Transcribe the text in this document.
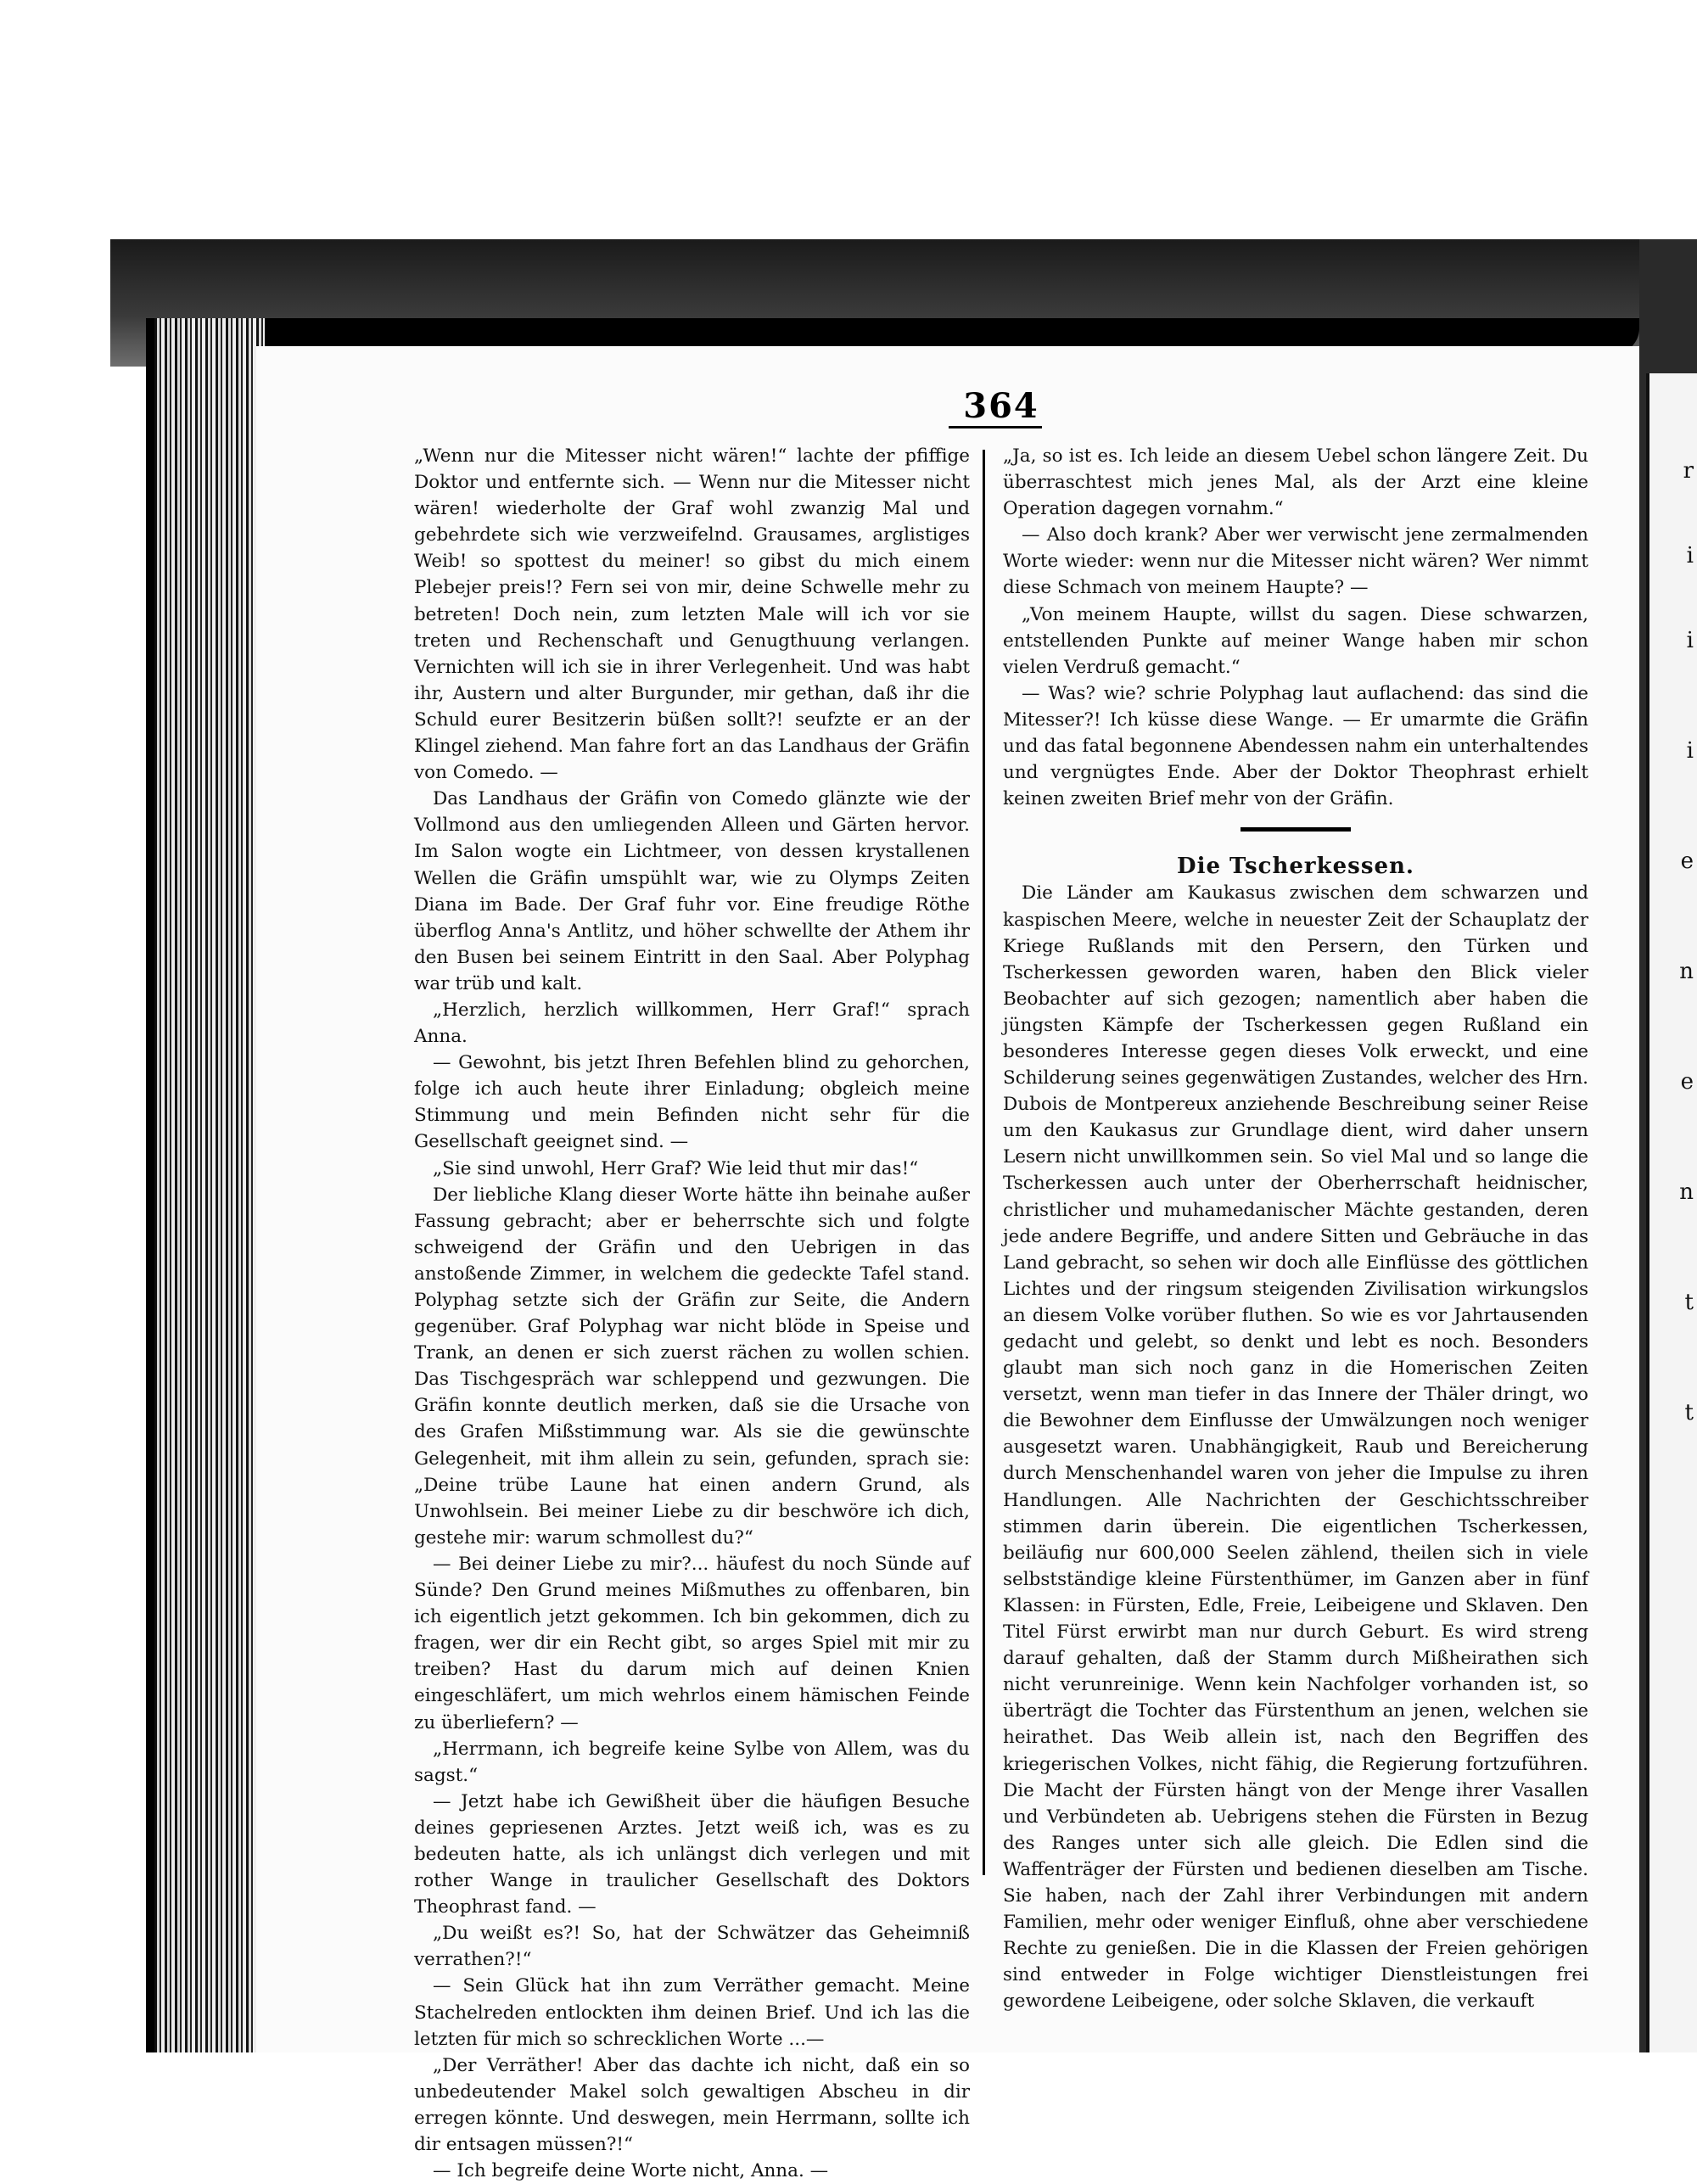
r
i
i
i
e
n
e
n
t
t
364

„Wenn nur die Mitesser nicht wären!“ lachte der pfiffige Doktor und entfernte sich. — Wenn nur die Mitesser nicht wären! wiederholte der Graf wohl zwanzig Mal und gebehrdete sich wie verzweifelnd. Grausames, arglistiges Weib! so spottest du meiner! so gibst du mich einem Plebejer preis!? Fern sei von mir, deine Schwelle mehr zu betreten! Doch nein, zum letzten Male will ich vor sie treten und Rechenschaft und Genugthuung verlangen. Vernichten will ich sie in ihrer Verlegenheit. Und was habt ihr, Austern und alter Burgunder, mir gethan, daß ihr die Schuld eurer Besitzerin büßen sollt?! seufzte er an der Klingel ziehend. Man fahre fort an das Landhaus der Gräfin von Comedo. —

Das Landhaus der Gräfin von Comedo glänzte wie der Vollmond aus den umliegenden Alleen und Gärten hervor. Im Salon wogte ein Lichtmeer, von dessen krystallenen Wellen die Gräfin umspühlt war, wie zu Olymps Zeiten Diana im Bade. Der Graf fuhr vor. Eine freudige Röthe überflog Anna's Antlitz, und höher schwellte der Athem ihr den Busen bei seinem Eintritt in den Saal. Aber Polyphag war trüb und kalt.

„Herzlich, herzlich willkommen, Herr Graf!“ sprach Anna.

— Gewohnt, bis jetzt Ihren Befehlen blind zu gehorchen, folge ich auch heute ihrer Einladung; obgleich meine Stimmung und mein Befinden nicht sehr für die Gesellschaft geeignet sind. —

„Sie sind unwohl, Herr Graf? Wie leid thut mir das!“

Der liebliche Klang dieser Worte hätte ihn beinahe außer Fassung gebracht; aber er beherrschte sich und folgte schweigend der Gräfin und den Uebrigen in das anstoßende Zimmer, in welchem die gedeckte Tafel stand. Polyphag setzte sich der Gräfin zur Seite, die Andern gegenüber. Graf Polyphag war nicht blöde in Speise und Trank, an denen er sich zuerst rächen zu wollen schien. Das Tischgespräch war schleppend und gezwungen. Die Gräfin konnte deutlich merken, daß sie die Ursache von des Grafen Mißstimmung war. Als sie die gewünschte Gelegenheit, mit ihm allein zu sein, gefunden, sprach sie: „Deine trübe Laune hat einen andern Grund, als Unwohlsein. Bei meiner Liebe zu dir beschwöre ich dich, gestehe mir: warum schmollest du?“

— Bei deiner Liebe zu mir?... häufest du noch Sünde auf Sünde? Den Grund meines Mißmuthes zu offenbaren, bin ich eigentlich jetzt gekommen. Ich bin gekommen, dich zu fragen, wer dir ein Recht gibt, so arges Spiel mit mir zu treiben? Hast du darum mich auf deinen Knien eingeschläfert, um mich wehrlos einem hämischen Feinde zu überliefern? —

„Herrmann, ich begreife keine Sylbe von Allem, was du sagst.“

— Jetzt habe ich Gewißheit über die häufigen Besuche deines gepriesenen Arztes. Jetzt weiß ich, was es zu bedeuten hatte, als ich unlängst dich verlegen und mit rother Wange in traulicher Gesellschaft des Doktors Theophrast fand. —

„Du weißt es?! So, hat der Schwätzer das Geheimniß verrathen?!“

— Sein Glück hat ihn zum Verräther gemacht. Meine Stachelreden entlockten ihm deinen Brief. Und ich las die letzten für mich so schrecklichen Worte ...—

„Der Verräther! Aber das dachte ich nicht, daß ein so unbedeutender Makel solch gewaltigen Abscheu in dir erregen könnte. Und deswegen, mein Herrmann, sollte ich dir entsagen müssen?!“

— Ich begreife deine Worte nicht, Anna. —

„Ja, so ist es. Ich leide an diesem Uebel schon längere Zeit. Du überraschtest mich jenes Mal, als der Arzt eine kleine Operation dagegen vornahm.“

— Also doch krank? Aber wer verwischt jene zermalmenden Worte wieder: wenn nur die Mitesser nicht wären? Wer nimmt diese Schmach von meinem Haupte? —

„Von meinem Haupte, willst du sagen. Diese schwarzen, entstellenden Punkte auf meiner Wange haben mir schon vielen Verdruß gemacht.“

— Was? wie? schrie Polyphag laut auflachend: das sind die Mitesser?! Ich küsse diese Wange. — Er umarmte die Gräfin und das fatal begonnene Abendessen nahm ein unterhaltendes und vergnügtes Ende. Aber der Doktor Theophrast erhielt keinen zweiten Brief mehr von der Gräfin.

Die Tscherkessen.

Die Länder am Kaukasus zwischen dem schwarzen und kaspischen Meere, welche in neuester Zeit der Schauplatz der Kriege Rußlands mit den Persern, den Türken und Tscherkessen geworden waren, haben den Blick vieler Beobachter auf sich gezogen; namentlich aber haben die jüngsten Kämpfe der Tscherkessen gegen Rußland ein besonderes Interesse gegen dieses Volk erweckt, und eine Schilderung seines gegenwätigen Zustandes, welcher des Hrn. Dubois de Montpereux anziehende Beschreibung seiner Reise um den Kaukasus zur Grundlage dient, wird daher unsern Lesern nicht unwillkommen sein. So viel Mal und so lange die Tscherkessen auch unter der Oberherrschaft heidnischer, christlicher und muhamedanischer Mächte gestanden, deren jede andere Begriffe, und andere Sitten und Gebräuche in das Land gebracht, so sehen wir doch alle Einflüsse des göttlichen Lichtes und der ringsum steigenden Zivilisation wirkungslos an diesem Volke vorüber fluthen. So wie es vor Jahrtausenden gedacht und gelebt, so denkt und lebt es noch. Besonders glaubt man sich noch ganz in die Homerischen Zeiten versetzt, wenn man tiefer in das Innere der Thäler dringt, wo die Bewohner dem Einflusse der Umwälzungen noch weniger ausgesetzt waren. Unabhängigkeit, Raub und Bereicherung durch Menschenhandel waren von jeher die Impulse zu ihren Handlungen. Alle Nachrichten der Geschichtsschreiber stimmen darin überein. Die eigentlichen Tscherkessen, beiläufig nur 600,000 Seelen zählend, theilen sich in viele selbstständige kleine Fürstenthümer, im Ganzen aber in fünf Klassen: in Fürsten, Edle, Freie, Leibeigene und Sklaven. Den Titel Fürst erwirbt man nur durch Geburt. Es wird streng darauf gehalten, daß der Stamm durch Mißheirathen sich nicht verunreinige. Wenn kein Nachfolger vorhanden ist, so überträgt die Tochter das Fürstenthum an jenen, welchen sie heirathet. Das Weib allein ist, nach den Begriffen des kriegerischen Volkes, nicht fähig, die Regierung fortzuführen. Die Macht der Fürsten hängt von der Menge ihrer Vasallen und Verbündeten ab. Uebrigens stehen die Fürsten in Bezug des Ranges unter sich alle gleich. Die Edlen sind die Waffenträger der Fürsten und bedienen dieselben am Tische. Sie haben, nach der Zahl ihrer Verbindungen mit andern Familien, mehr oder weniger Einfluß, ohne aber verschiedene Rechte zu genießen. Die in die Klassen der Freien gehörigen sind entweder in Folge wichtiger Dienstleistungen frei gewordene Leibeigene, oder solche Sklaven, die verkauft
